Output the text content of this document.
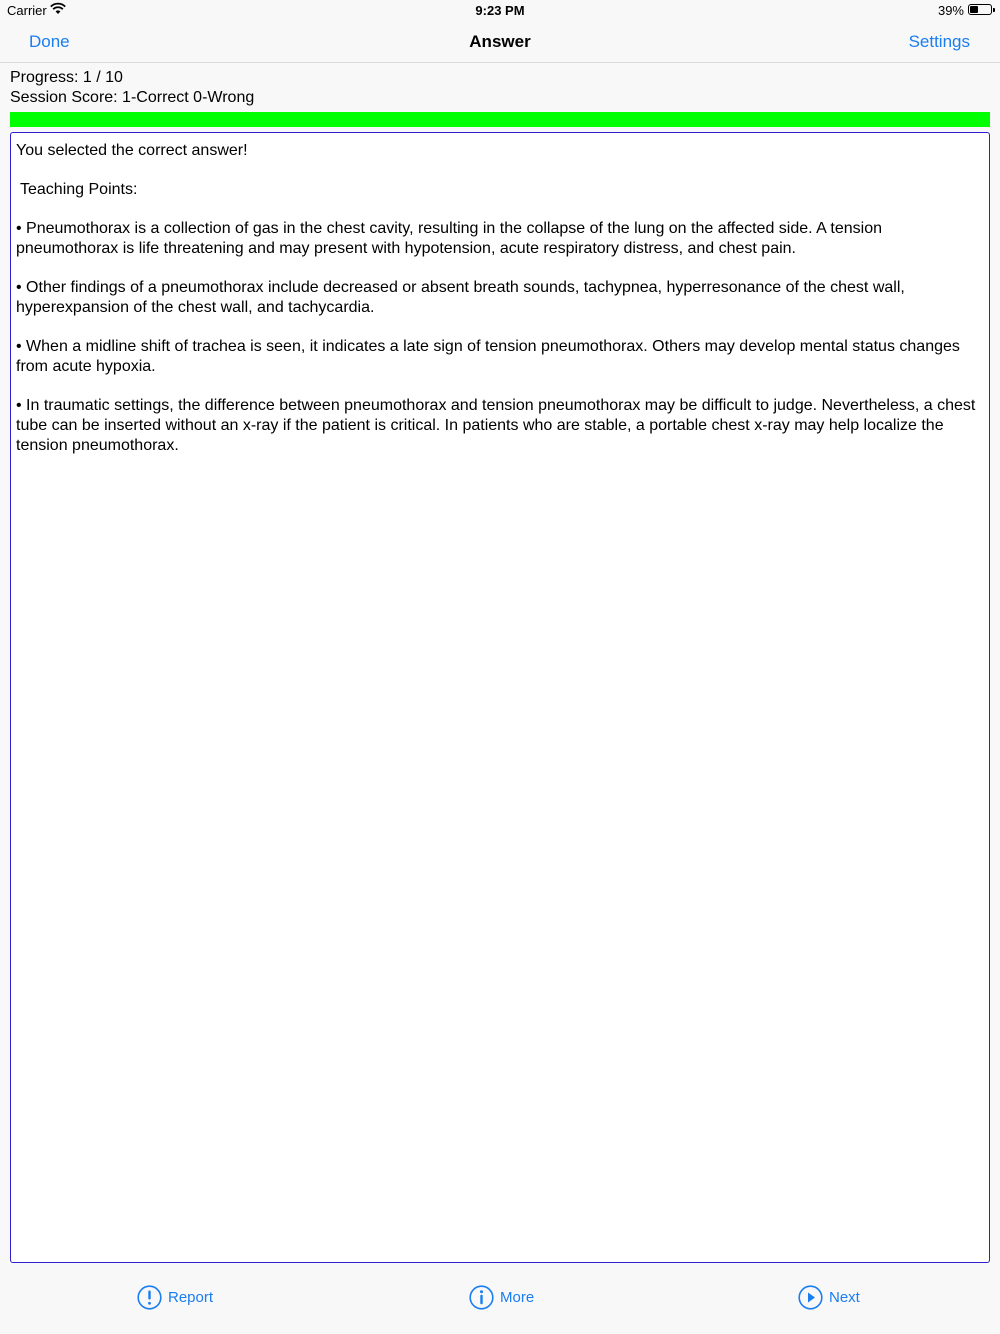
Carrier	9:23 PM	39%
Done	Answer	Settings
Progress: 1 / 10
Session Score: 1-Correct 0-Wrong

You selected the correct answer!

Teaching Points:

• Pneumothorax is a collection of gas in the chest cavity, resulting in the collapse of the lung on the affected side. A tension pneumothorax is life threatening and may present with hypotension, acute respiratory distress, and chest pain.

• Other findings of a pneumothorax include decreased or absent breath sounds, tachypnea, hyperresonance of the chest wall, hyperexpansion of the chest wall, and tachycardia.

• When a midline shift of trachea is seen, it indicates a late sign of tension pneumothorax. Others may develop mental status changes from acute hypoxia.

• In traumatic settings, the difference between pneumothorax and tension pneumothorax may be difficult to judge. Nevertheless, a chest tube can be inserted without an x-ray if the patient is critical. In patients who are stable, a portable chest x-ray may help localize the tension pneumothorax.

Report	More	Next
